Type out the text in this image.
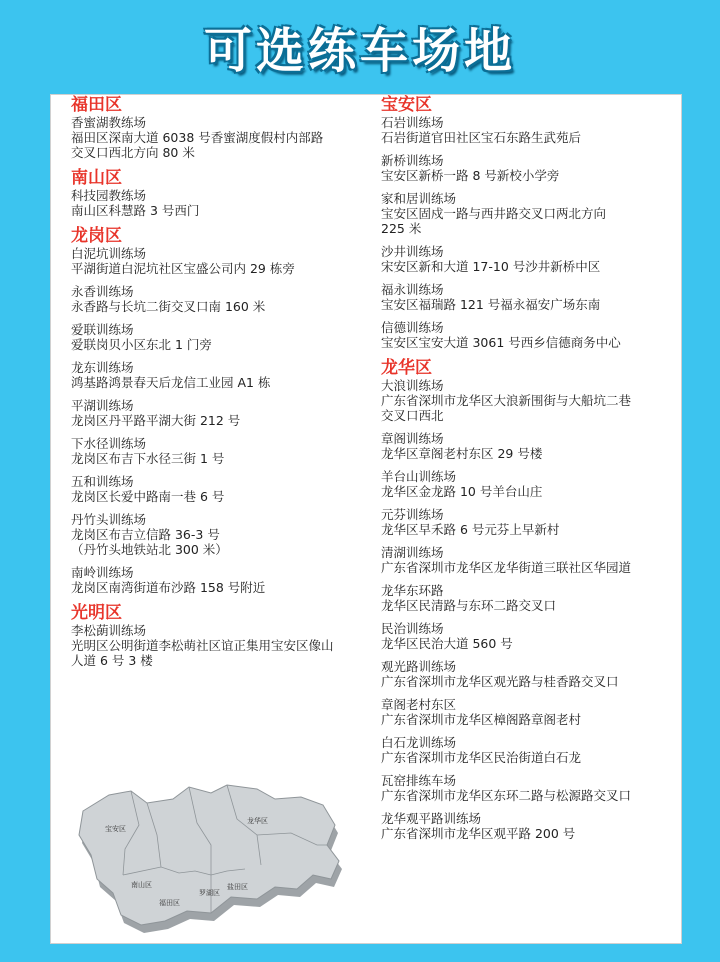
可选练车场地
福田区
香蜜湖教练场
福田区深南大道 6038 号香蜜湖度假村内部路
交叉口西北方向 80 米
南山区
科技园教练场
南山区科慧路 3 号西门
龙岗区
白泥坑训练场
平湖街道白泥坑社区宝盛公司内 29 栋旁
永香训练场
永香路与长坑二街交叉口南 160 米
爱联训练场
爱联岗贝小区东北 1 门旁
龙东训练场
鸿基路鸿景春天后龙信工业园 A1 栋
平湖训练场
龙岗区丹平路平湖大街 212 号
下水径训练场
龙岗区布吉下水径三街 1 号
五和训练场
龙岗区长爱中路南一巷 6 号
丹竹头训练场
龙岗区布吉立信路 36-3 号
（丹竹头地铁站北 300 米）
南岭训练场
龙岗区南湾街道布沙路 158 号附近
光明区
李松蓢训练场
光明区公明街道李松萌社区谊正集用宝安区像山
人道 6 号 3 楼
宝安区
石岩训练场
石岩街道官田社区宝石东路生武苑后
新桥训练场
宝安区新桥一路 8 号新校小学旁
家和居训练场
宝安区固戍一路与西井路交叉口两北方向
225 米
沙井训练场
宋安区新和大道 17-10 号沙井新桥中区
福永训练场
宝安区福瑞路 121 号福永福安广场东南
信德训练场
宝安区宝安大道 3061 号西乡信德商务中心
龙华区
大浪训练场
广东省深圳市龙华区大浪新围街与大船坑二巷
交叉口西北
章阁训练场
龙华区章阁老村东区 29 号楼
羊台山训练场
龙华区金龙路 10 号羊台山庄
元芬训练场
龙华区早禾路 6 号元芬上早新村
清湖训练场
广东省深圳市龙华区龙华街道三联社区华园道
龙华东环路
龙华区民清路与东环二路交叉口
民治训练场
龙华区民治大道 560 号
观光路训练场
广东省深圳市龙华区观光路与桂香路交叉口
章阁老村东区
广东省深圳市龙华区樟阁路章阁老村
白石龙训练场
广东省深圳市龙华区民治街道白石龙
瓦窑排练车场
广东省深圳市龙华区东环二路与松源路交叉口
龙华观平路训练场
广东省深圳市龙华区观平路 200 号
宝安区
龙华区
南山区
罗湖区
盐田区
福田区
